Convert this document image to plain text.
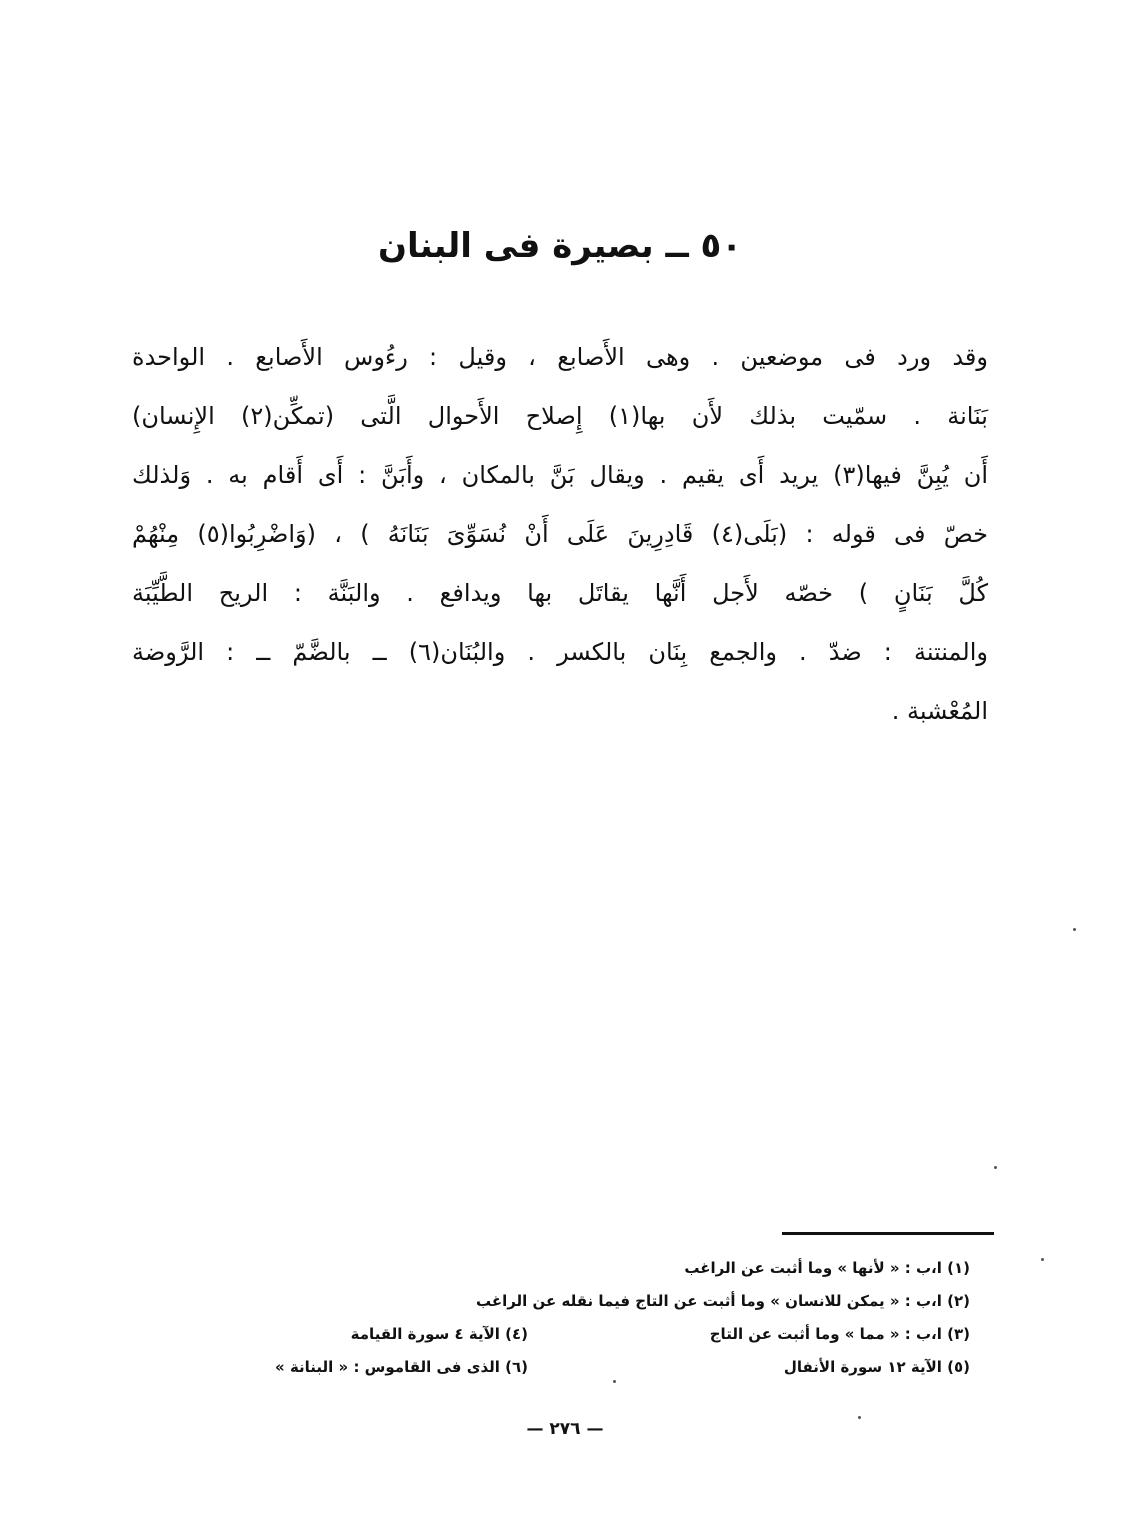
٥٠ ــ بصيرة فى البنان
وقد ورد فى موضعين . وهى الأَصابع ، وقيل : رءُوس الأَصابع . الواحدة
بَنَانة . سمّيت بذلك لأَن بها(١) إِصلاح الأَحوال الَّتى (تمكِّن(٢) الإِنسان)
أَن يُبِنَّ فيها(٣) يريد أَى يقيم . ويقال بَنَّ بالمكان ، وأَبَنَّ : أَى أَقام به . وَلذلك
خصّ فى قوله : (بَلَى(٤) قَادِرِينَ عَلَى أَنْ نُسَوِّىَ بَنَانَهُ ) ، (وَاضْرِبُوا(٥) مِنْهُمْ
كُلَّ بَنَانٍ ) خصّه لأَجل أَنَّها يقاتَل بها ويدافع . والبَنَّة : الريح الطَّيِّبَة
والمنتنة : ضدّ . والجمع بِنَان بالكسر . والبُنَان(٦) ــ بالضَّمّ ــ : الرَّوضة
المُعْشبة .
(١) ا،ب : « لأنها » وما أثبت عن الراغب
(٢) ا،ب : « يمكن للانسان » وما أثبت عن التاج فيما نقله عن الراغب
(٣) ا،ب : « مما » وما أثبت عن التاج
(٤) الآية ٤ سورة القيامة
(٥) الآية ١٢ سورة الأنفال
(٦) الذى فى القاموس : « البنانة »
— ٢٧٦ —
